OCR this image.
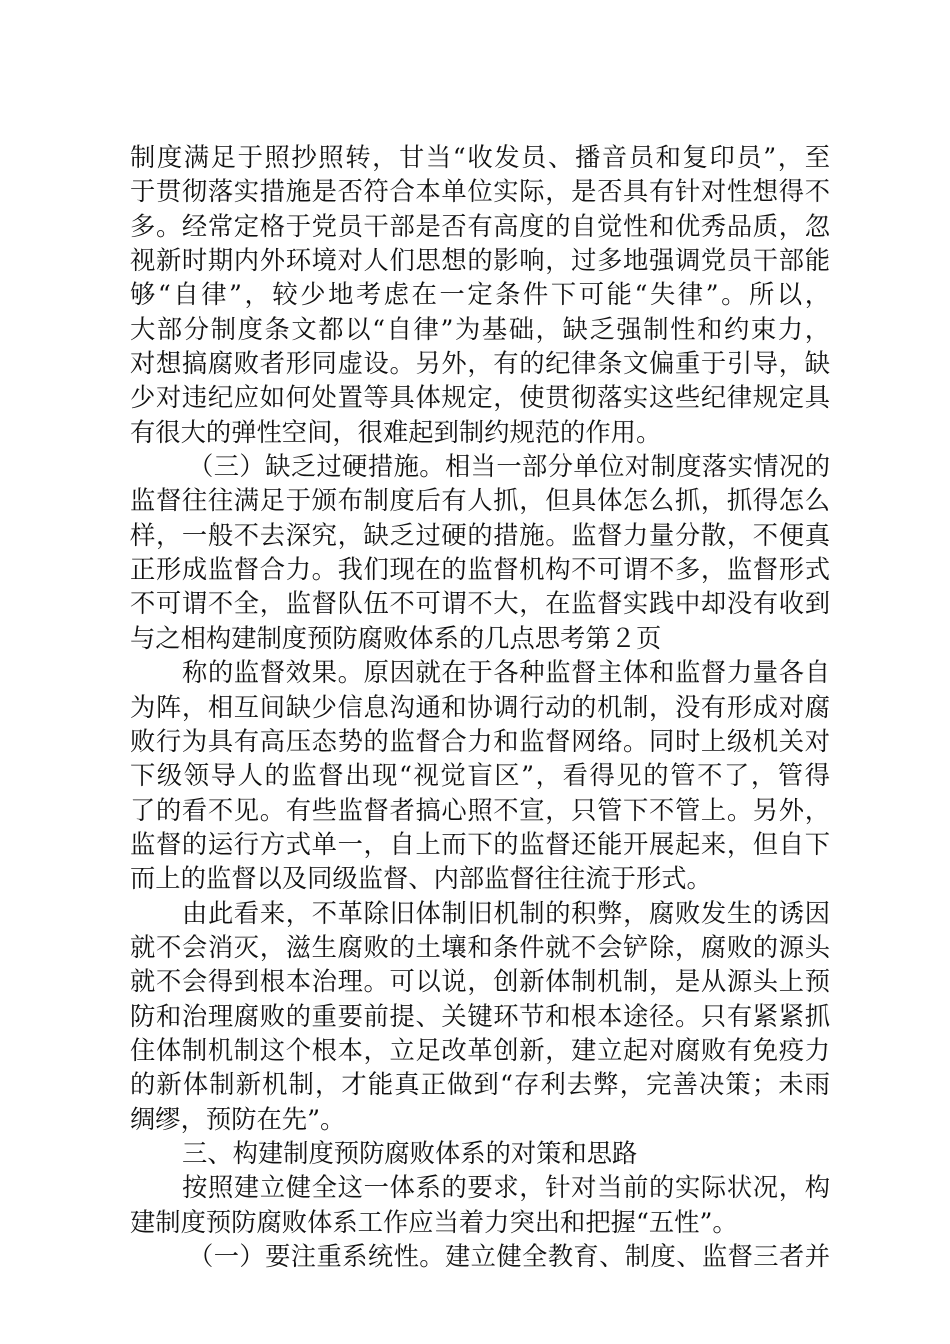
制度满足于照抄照转，甘当“收发员、播音员和复印员”，至
于贯彻落实措施是否符合本单位实际，是否具有针对性想得不
多。经常定格于党员干部是否有高度的自觉性和优秀品质，忽
视新时期内外环境对人们思想的影响，过多地强调党员干部能
够“自律”，较少地考虑在一定条件下可能“失律”。所以，
大部分制度条文都以“自律”为基础，缺乏强制性和约束力，
对想搞腐败者形同虚设。另外，有的纪律条文偏重于引导，缺
少对违纪应如何处置等具体规定，使贯彻落实这些纪律规定具
有很大的弹性空间，很难起到制约规范的作用。
（三）缺乏过硬措施。相当一部分单位对制度落实情况的
监督往往满足于颁布制度后有人抓，但具体怎么抓，抓得怎么
样，一般不去深究，缺乏过硬的措施。监督力量分散，不便真
正形成监督合力。我们现在的监督机构不可谓不多，监督形式
不可谓不全，监督队伍不可谓不大，在监督实践中却没有收到
与之相构建制度预防腐败体系的几点思考第２页
称的监督效果。原因就在于各种监督主体和监督力量各自
为阵，相互间缺少信息沟通和协调行动的机制，没有形成对腐
败行为具有高压态势的监督合力和监督网络。同时上级机关对
下级领导人的监督出现“视觉盲区”，看得见的管不了，管得
了的看不见。有些监督者搞心照不宣，只管下不管上。另外，
监督的运行方式单一，自上而下的监督还能开展起来，但自下
而上的监督以及同级监督、内部监督往往流于形式。
由此看来，不革除旧体制旧机制的积弊，腐败发生的诱因
就不会消灭，滋生腐败的土壤和条件就不会铲除，腐败的源头
就不会得到根本治理。可以说，创新体制机制，是从源头上预
防和治理腐败的重要前提、关键环节和根本途径。只有紧紧抓
住体制机制这个根本，立足改革创新，建立起对腐败有免疫力
的新体制新机制，才能真正做到“存利去弊，完善决策；未雨
绸缪，预防在先”。
三、构建制度预防腐败体系的对策和思路
按照建立健全这一体系的要求，针对当前的实际状况，构
建制度预防腐败体系工作应当着力突出和把握“五性”。
（一）要注重系统性。建立健全教育、制度、监督三者并
